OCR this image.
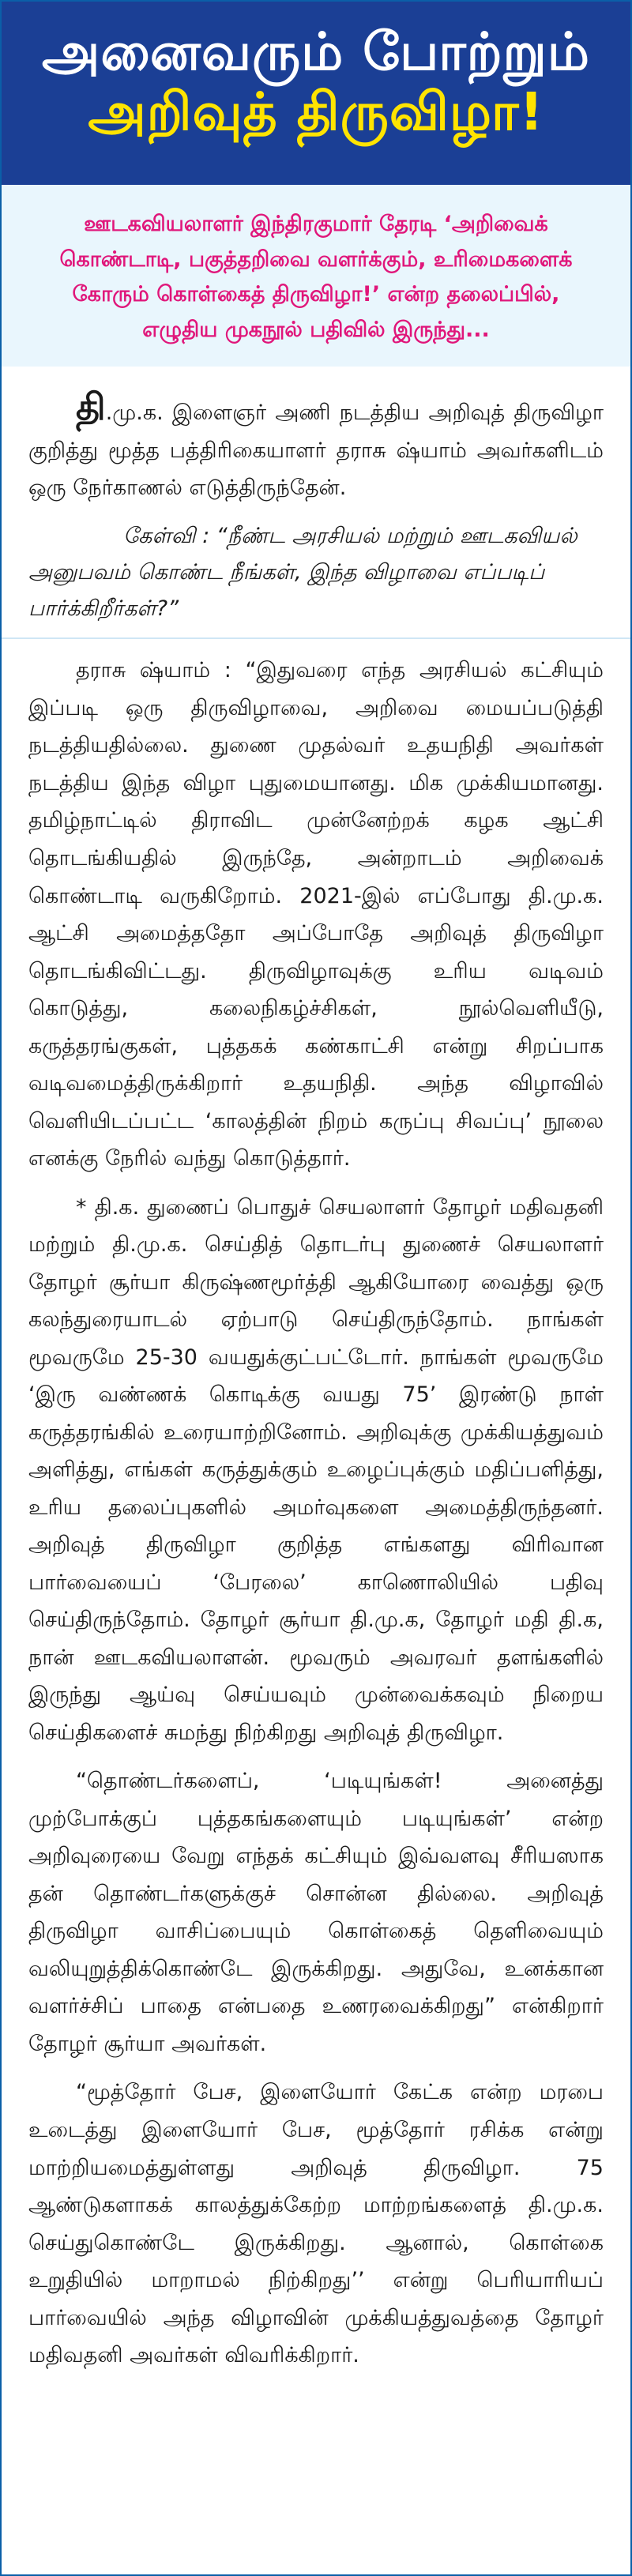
அனைவரும் போற்றும்
அறிவுத் திருவிழா!

ஊடகவியலாளர் இந்திரகுமார் தேரடி ‘அறிவைக் கொண்டாடி, பகுத்தறிவை வளர்க்கும், உரிமைகளைக் கோரும் கொள்கைத் திருவிழா!’ என்ற தலைப்பில், எழுதிய முகநூல் பதிவில் இருந்து...

தி.மு.க. இளைஞர் அணி நடத்திய அறிவுத் திருவிழா குறித்து மூத்த பத்திரிகையாளர் தராசு ஷ்யாம் அவர்களிடம் ஒரு நேர்காணல் எடுத்திருந்தேன்.

கேள்வி : “நீண்ட அரசியல் மற்றும் ஊடகவியல் அனுபவம் கொண்ட நீங்கள், இந்த விழாவை எப்படிப் பார்க்கிறீர்கள்?”

தராசு ஷ்யாம் : “இதுவரை எந்த அரசியல் கட்சியும் இப்படி ஒரு திருவிழாவை, அறிவை மையப்படுத்தி நடத்தியதில்லை. துணை முதல்வர் உதயநிதி அவர்கள் நடத்திய இந்த விழா புதுமையானது. மிக முக்கியமானது. தமிழ்நாட்டில் திராவிட முன்னேற்றக் கழக ஆட்சி தொடங்கியதில் இருந்தே, அன்றாடம் அறிவைக் கொண்டாடி வருகிறோம். 2021-இல் எப்போது தி.மு.க. ஆட்சி அமைத்ததோ அப்போதே அறிவுத் திருவிழா தொடங்கிவிட்டது. திருவிழாவுக்கு உரிய வடிவம் கொடுத்து, கலைநிகழ்ச்சிகள், நூல்வெளியீடு, கருத்தரங்குகள், புத்தகக் கண்காட்சி என்று சிறப்பாக வடிவமைத்திருக்கிறார் உதயநிதி. அந்த விழாவில் வெளியிடப்பட்ட ‘காலத்தின் நிறம் கருப்பு சிவப்பு’ நூலை எனக்கு நேரில் வந்து கொடுத்தார்.

* தி.க. துணைப் பொதுச் செயலாளர் தோழர் மதிவதனி மற்றும் தி.மு.க. செய்தித் தொடர்பு துணைச் செயலாளர் தோழர் சூர்யா கிருஷ்ணமூர்த்தி ஆகியோரை வைத்து ஒரு கலந்துரையாடல் ஏற்பாடு செய்திருந்தோம். நாங்கள் மூவருமே 25-30 வயதுக்குட்பட்டோர். நாங்கள் மூவருமே ‘இரு வண்ணக் கொடிக்கு வயது 75’ இரண்டு நாள் கருத்தரங்கில் உரையாற்றினோம். அறிவுக்கு முக்கியத்துவம் அளித்து, எங்கள் கருத்துக்கும் உழைப்புக்கும் மதிப்பளித்து, உரிய தலைப்புகளில் அமர்வுகளை அமைத்திருந்தனர். அறிவுத் திருவிழா குறித்த எங்களது விரிவான பார்வையைப் ‘பேரலை’ காணொலியில் பதிவு செய்திருந்தோம். தோழர் சூர்யா தி.மு.க, தோழர் மதி தி.க, நான் ஊடகவியலாளன். மூவரும் அவரவர் தளங்களில் இருந்து ஆய்வு செய்யவும் முன்வைக்கவும் நிறைய செய்திகளைச் சுமந்து நிற்கிறது அறிவுத் திருவிழா.

“தொண்டர்களைப், ‘படியுங்கள்! அனைத்து முற்போக்குப் புத்தகங்களையும் படியுங்கள்’ என்ற அறிவுரையை வேறு எந்தக் கட்சியும் இவ்வளவு சீரியஸாக தன் தொண்டர்களுக்குச் சொன்ன தில்லை. அறிவுத் திருவிழா வாசிப்பையும் கொள்கைத் தெளிவையும் வலியுறுத்திக்கொண்டே இருக்கிறது. அதுவே, உனக்கான வளர்ச்சிப் பாதை என்பதை உணரவைக்கிறது” என்கிறார் தோழர் சூர்யா அவர்கள்.

“மூத்தோர் பேச, இளையோர் கேட்க என்ற மரபை உடைத்து இளையோர் பேச, மூத்தோர் ரசிக்க என்று மாற்றியமைத்துள்ளது அறிவுத் திருவிழா. 75 ஆண்டுகளாகக் காலத்துக்கேற்ற மாற்றங்களைத் தி.மு.க. செய்துகொண்டே இருக்கிறது. ஆனால், கொள்கை உறுதியில் மாறாமல் நிற்கிறது’’ என்று பெரியாரியப் பார்வையில் அந்த விழாவின் முக்கியத்துவத்தை தோழர் மதிவதனி அவர்கள் விவரிக்கிறார்.
